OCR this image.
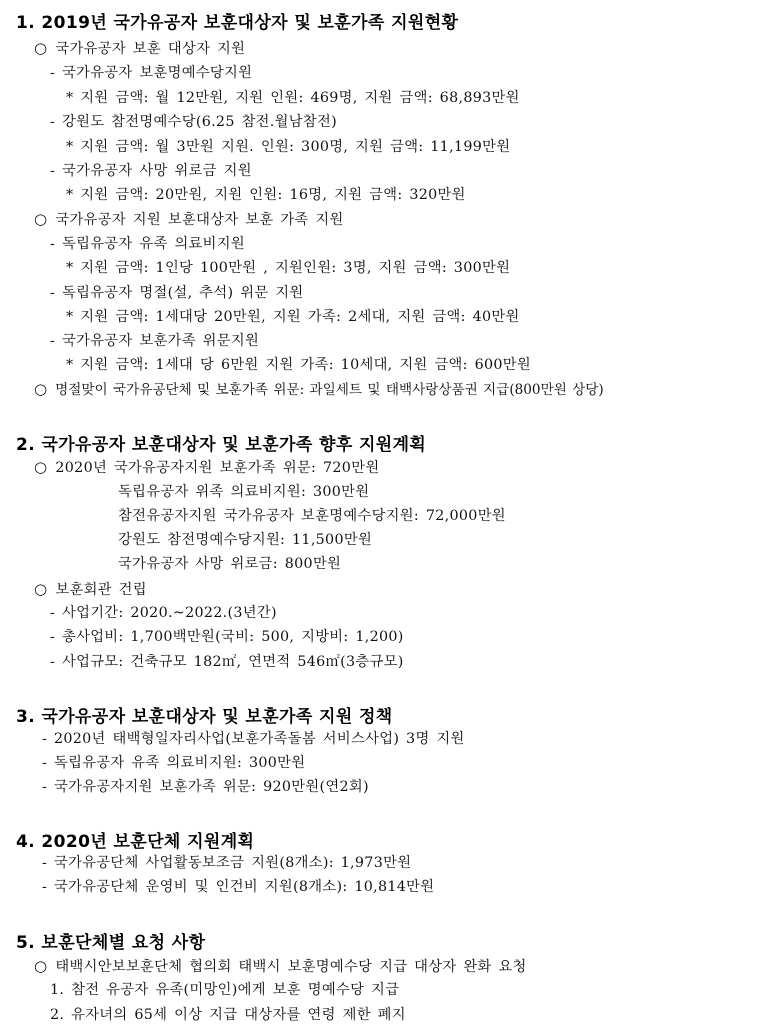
1. 2019년 국가유공자 보훈대상자 및 보훈가족 지원현황
○ 국가유공자 보훈 대상자 지원
- 국가유공자 보훈명예수당지원
* 지원 금액: 월 12만원, 지원 인원: 469명, 지원 금액: 68,893만원
- 강원도 참전명예수당(6.25 참전.월남참전)
* 지원 금액: 월 3만원 지원. 인원: 300명, 지원 금액: 11,199만원
- 국가유공자 사망 위로금 지원
* 지원 금액: 20만원, 지원 인원: 16명, 지원 금액: 320만원
○ 국가유공자 지원 보훈대상자 보훈 가족 지원
- 독립유공자 유족 의료비지원
* 지원 금액: 1인당 100만원 , 지원인원: 3명, 지원 금액: 300만원
- 독립유공자 명절(설, 추석) 위문 지원
* 지원 금액: 1세대당 20만원, 지원 가족: 2세대, 지원 금액: 40만원
- 국가유공자 보훈가족 위문지원
* 지원 금액: 1세대 당 6만원 지원 가족: 10세대, 지원 금액: 600만원
○ 명절맞이 국가유공단체 및 보훈가족 위문: 과일세트 및 태백사랑상품권 지급(800만원 상당)
2. 국가유공자 보훈대상자 및 보훈가족 향후 지원계획
○ 2020년 국가유공자지원 보훈가족 위문: 720만원
독립유공자 위족 의료비지원: 300만원
참전유공자지원 국가유공자 보훈명예수당지원: 72,000만원
강원도 참전명예수당지원: 11,500만원
국가유공자 사망 위로금: 800만원
○ 보훈회관 건립
- 사업기간: 2020.~2022.(3년간)
- 총사업비: 1,700백만원(국비: 500, 지방비: 1,200)
- 사업규모: 건축규모 182㎡, 연면적 546㎡(3층규모)
3. 국가유공자 보훈대상자 및 보훈가족 지원 정책
- 2020년 태백형일자리사업(보훈가족돌봄 서비스사업) 3명 지원
- 독립유공자 유족 의료비지원: 300만원
- 국가유공자지원 보훈가족 위문: 920만원(연2회)
4. 2020년 보훈단체 지원계획
- 국가유공단체 사업활동보조금 지원(8개소): 1,973만원
- 국가유공단체 운영비 및 인건비 지원(8개소): 10,814만원
5. 보훈단체별 요청 사항
○ 태백시안보보훈단체 협의회 태백시 보훈명예수당 지급 대상자 완화 요청
1. 참전 유공자 유족(미망인)에게 보훈 명예수당 지급
2. 유자녀의 65세 이상 지급 대상자를 연령 제한 폐지
